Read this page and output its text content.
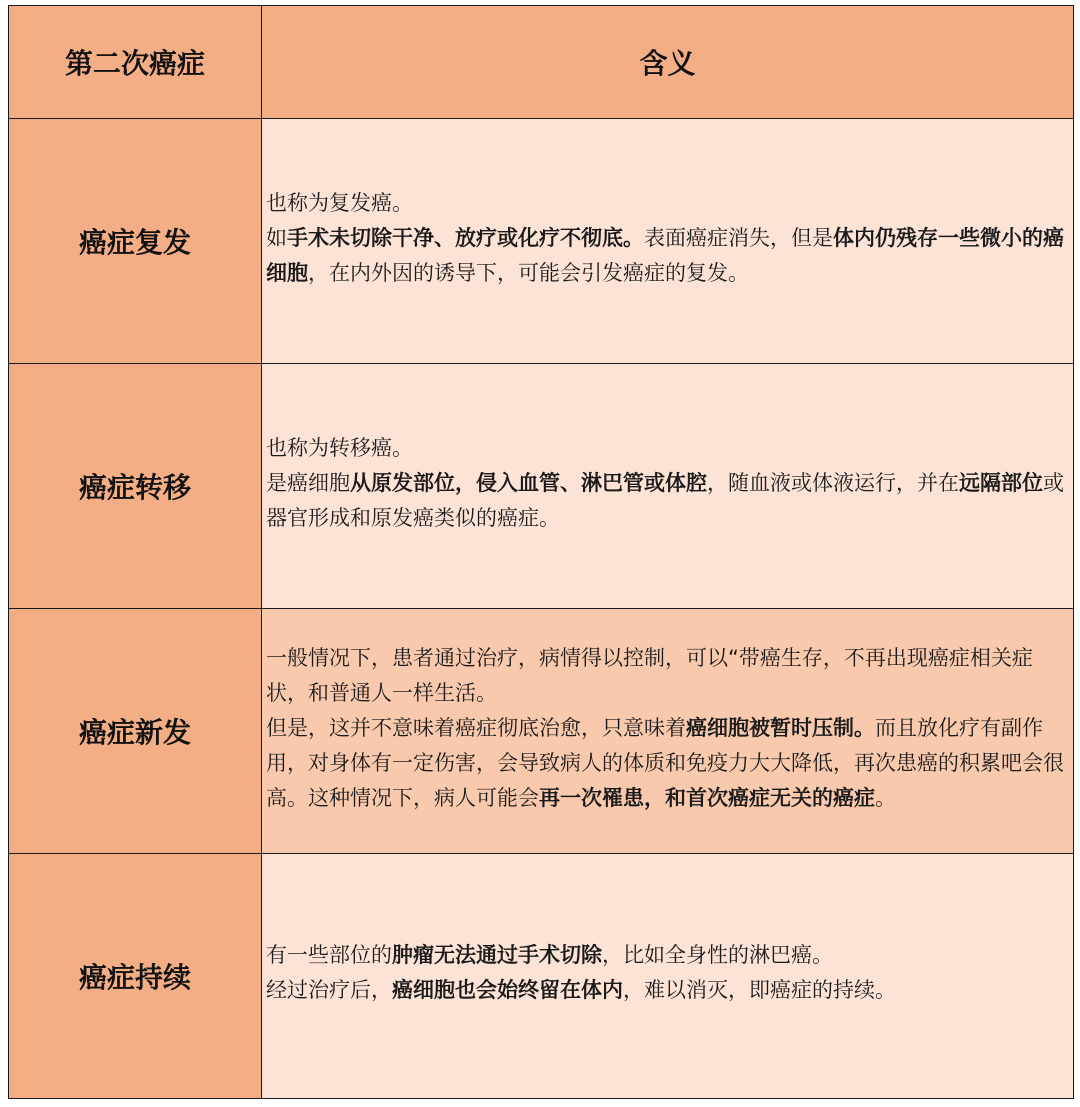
第二次癌症	含义
癌症复发	也称为复发癌。
如手术未切除干净、放疗或化疗不彻底。表面癌症消失，但是体内仍残存一些微小的癌细胞，在内外因的诱导下，可能会引发癌症的复发。

癌症转移	也称为转移癌。
是癌细胞从原发部位，侵入血管、淋巴管或体腔，随血液或体液运行，并在远隔部位或器官形成和原发癌类似的癌症。

癌症新发	一般情况下，患者通过治疗，病情得以控制，可以“带癌生存，不再出现癌症相关症状，和普通人一样生活。
但是，这并不意味着癌症彻底治愈，只意味着癌细胞被暂时压制。而且放化疗有副作用，对身体有一定伤害，会导致病人的体质和免疫力大大降低，再次患癌的积累吧会很高。这种情况下，病人可能会再一次罹患，和首次癌症无关的癌症。

癌症持续	有一些部位的肿瘤无法通过手术切除，比如全身性的淋巴癌。
经过治疗后，癌细胞也会始终留在体内，难以消灭，即癌症的持续。
